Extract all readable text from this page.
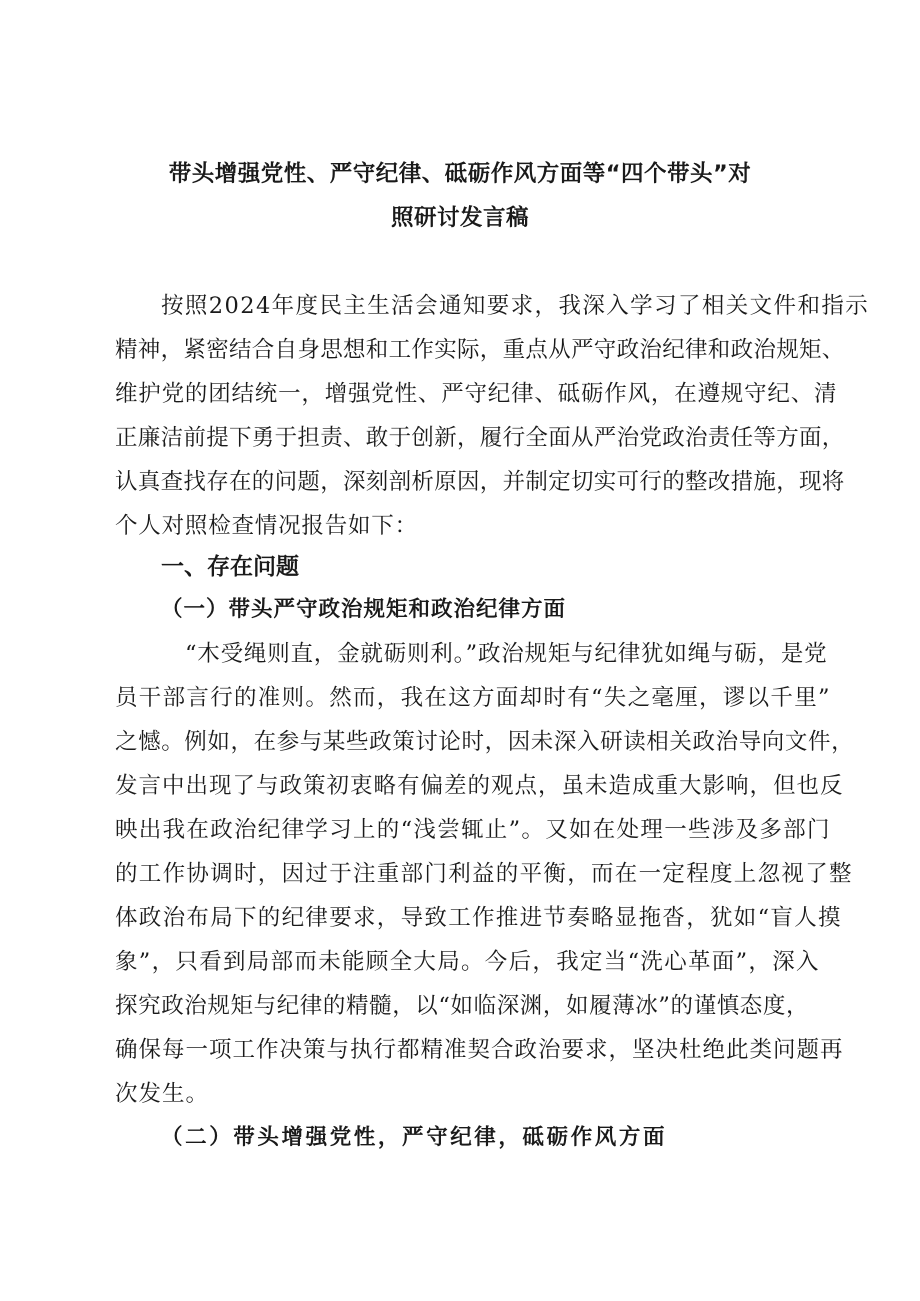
带头增强党性、严守纪律、砥砺作风方面等“四个带头”对
照研讨发言稿

按照2024年度民主生活会通知要求，我深入学习了相关文件和指示

精神，紧密结合自身思想和工作实际，重点从严守政治纪律和政治规矩、

维护党的团结统一，增强党性、严守纪律、砥砺作风，在遵规守纪、清

正廉洁前提下勇于担责、敢于创新，履行全面从严治党政治责任等方面，

认真查找存在的问题，深刻剖析原因，并制定切实可行的整改措施，现将

个人对照检查情况报告如下：

一、存在问题
（一）带头严守政治规矩和政治纪律方面

“木受绳则直，金就砺则利。”政治规矩与纪律犹如绳与砺，是党

员干部言行的准则。然而，我在这方面却时有“失之毫厘，谬以千里”

之憾。例如，在参与某些政策讨论时，因未深入研读相关政治导向文件，

发言中出现了与政策初衷略有偏差的观点，虽未造成重大影响，但也反

映出我在政治纪律学习上的“浅尝辄止”。又如在处理一些涉及多部门

的工作协调时，因过于注重部门利益的平衡，而在一定程度上忽视了整

体政治布局下的纪律要求，导致工作推进节奏略显拖沓，犹如“盲人摸

象”，只看到局部而未能顾全大局。今后，我定当“洗心革面”，深入

探究政治规矩与纪律的精髓，以“如临深渊，如履薄冰”的谨慎态度，

确保每一项工作决策与执行都精准契合政治要求，坚决杜绝此类问题再

次发生。

（二）带头增强党性，严守纪律，砥砺作风方面
